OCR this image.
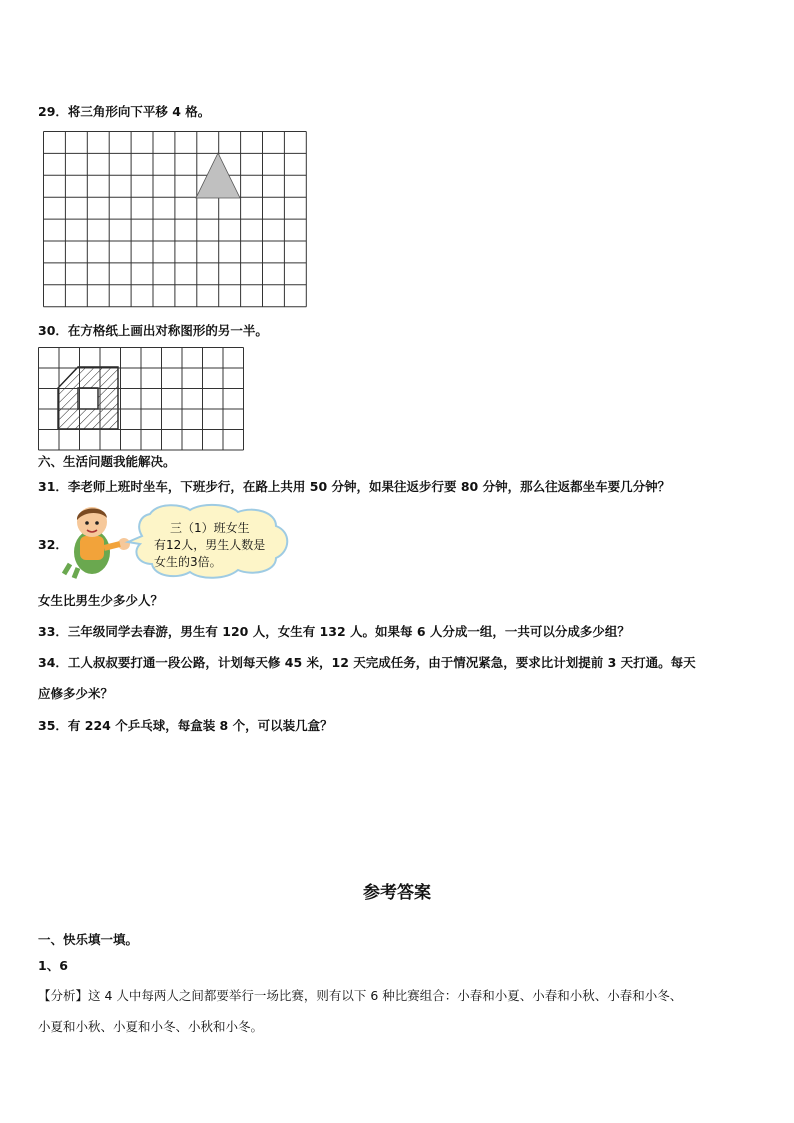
29．将三角形向下平移 4 格。
30．在方格纸上画出对称图形的另一半。
六、生活问题我能解决。
31．李老师上班时坐车，下班步行，在路上共用 50 分钟，如果往返步行要 80 分钟，那么往返都坐车要几分钟？
32．
三（1）班女生
有12人，男生人数是
女生的3倍。
女生比男生少多少人？
33．三年级同学去春游，男生有 120 人，女生有 132 人。如果每 6 人分成一组，一共可以分成多少组？
34．工人叔叔要打通一段公路，计划每天修 45 米，12 天完成任务，由于情况紧急，要求比计划提前 3 天打通。每天
应修多少米？
35．有 224 个乒乓球，每盒装 8 个，可以装几盒？
参考答案
一、快乐填一填。
1、6
【分析】这 4 人中每两人之间都要举行一场比赛，则有以下 6 种比赛组合：小春和小夏、小春和小秋、小春和小冬、
小夏和小秋、小夏和小冬、小秋和小冬。
